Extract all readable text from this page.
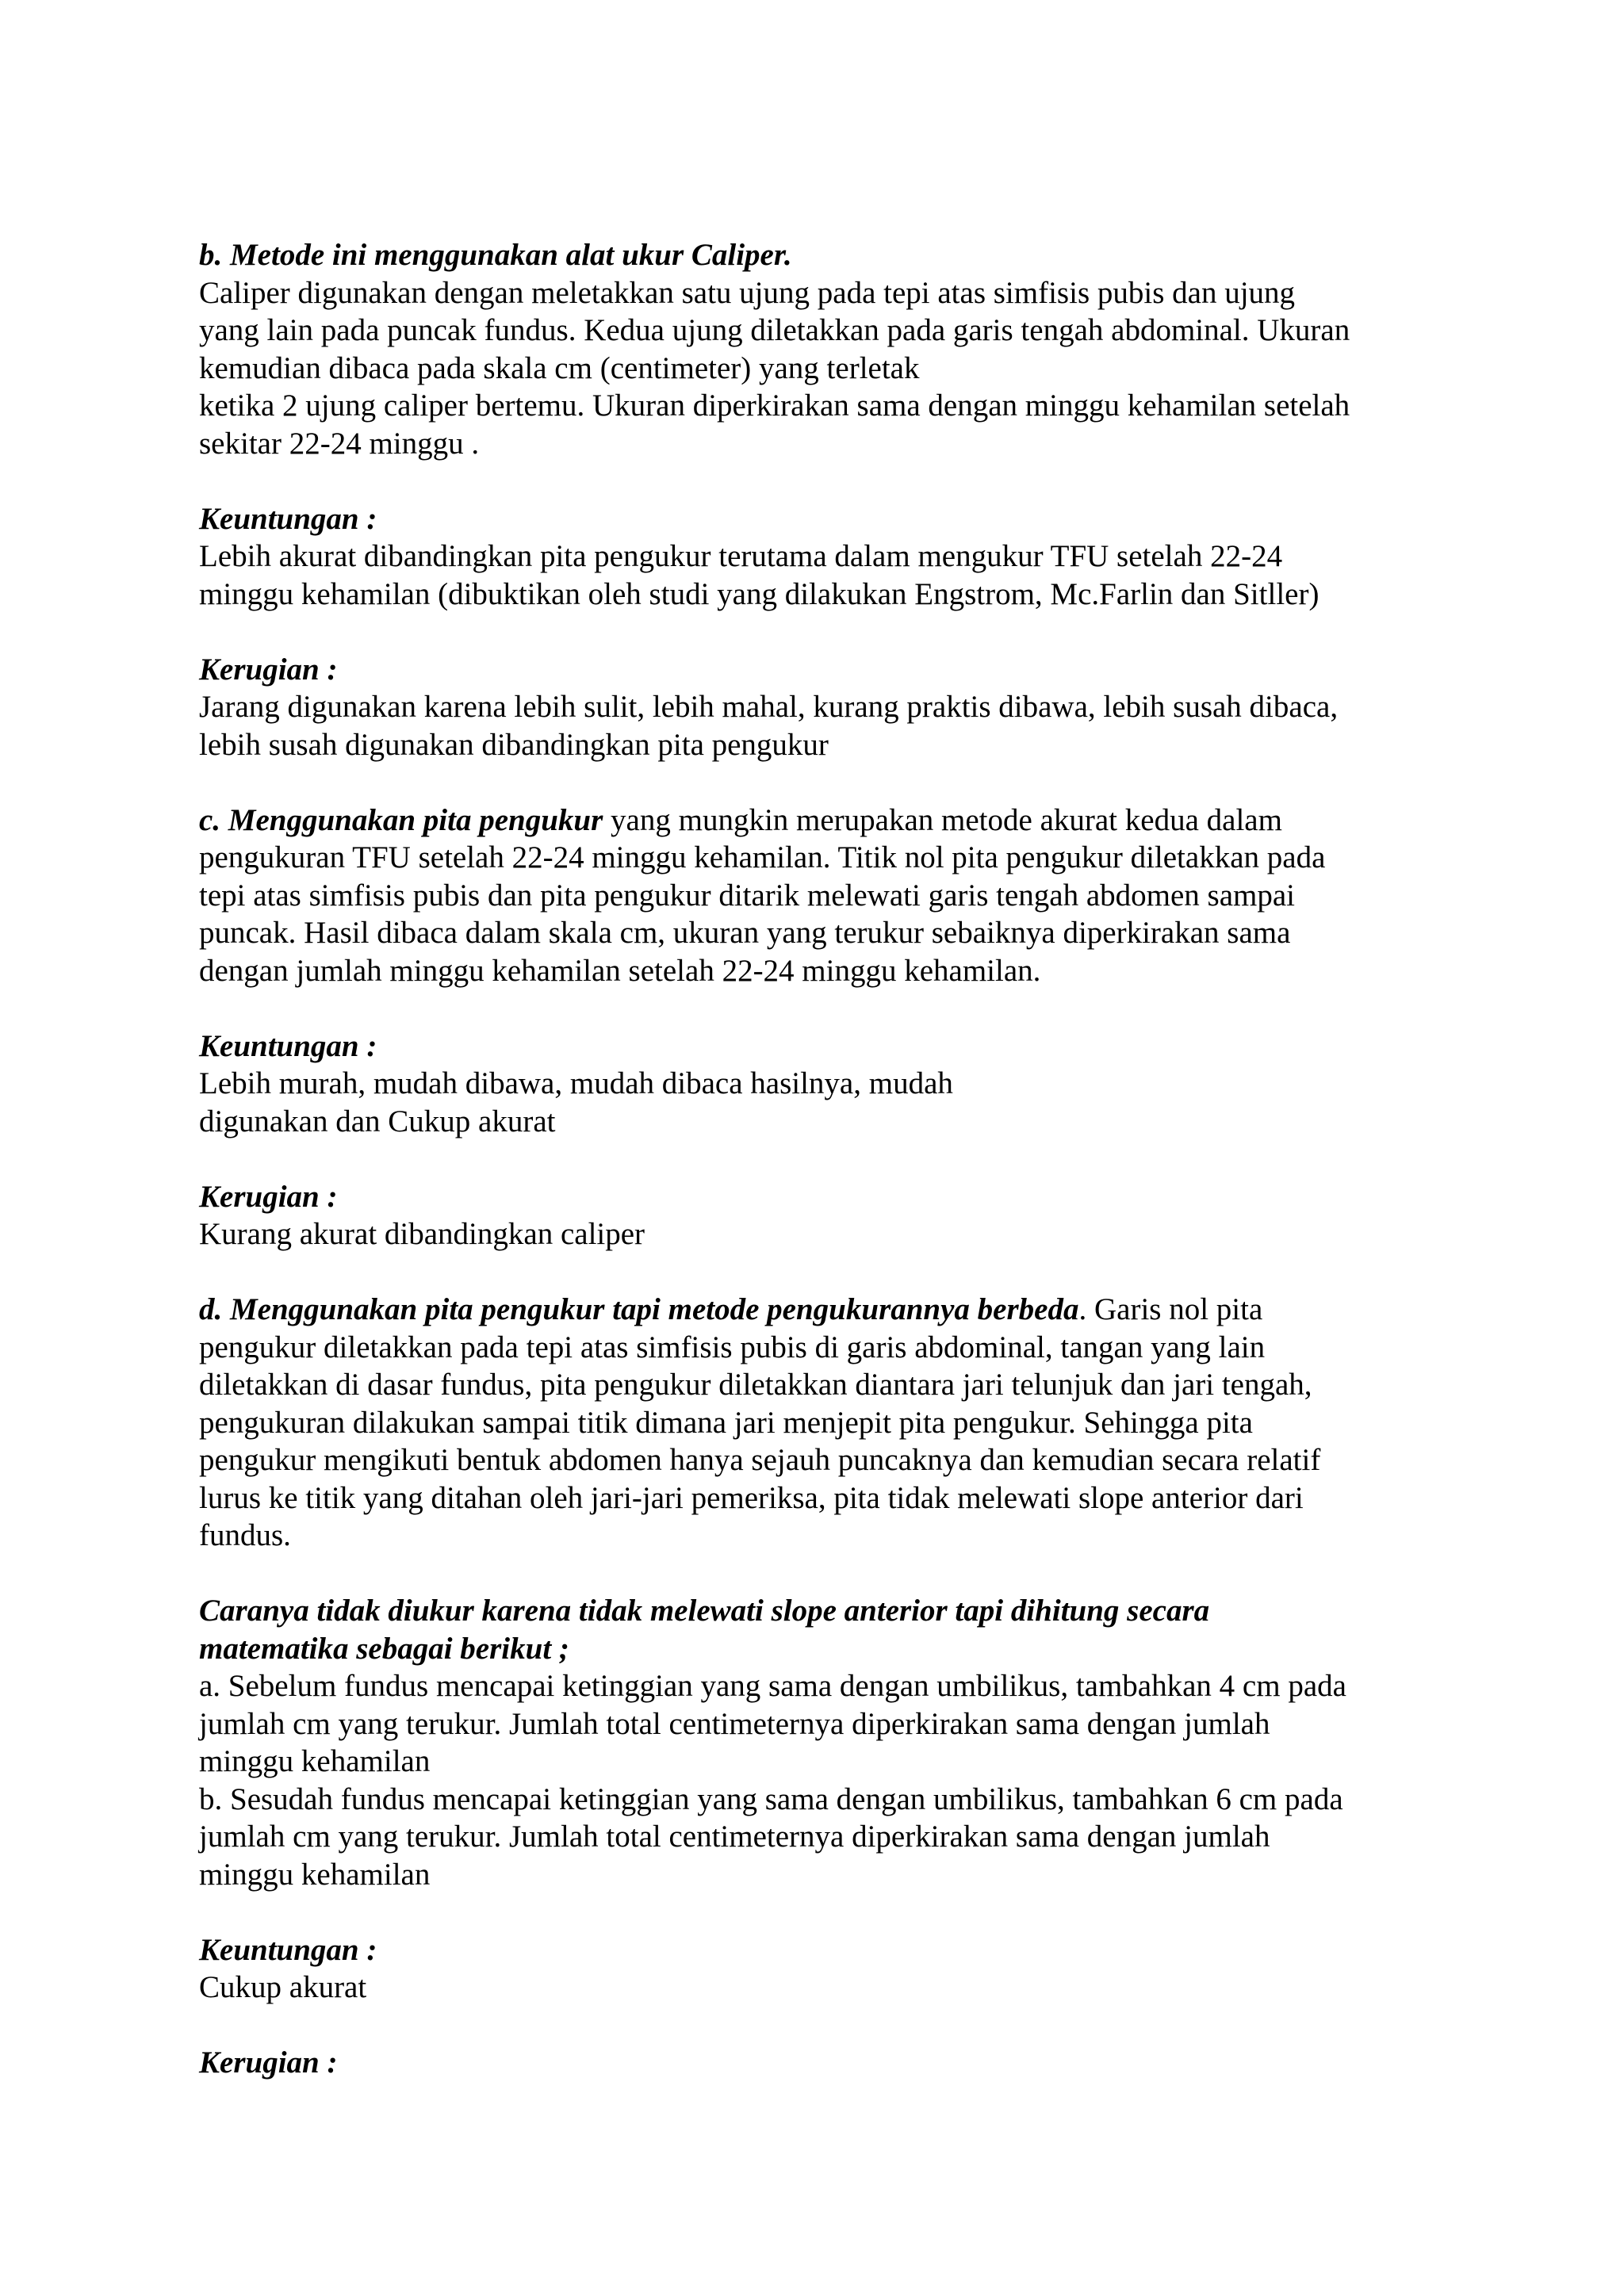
b. Metode ini menggunakan alat ukur Caliper.
Caliper digunakan dengan meletakkan satu ujung pada tepi atas simfisis pubis dan ujung
yang lain pada puncak fundus. Kedua ujung diletakkan pada garis tengah abdominal. Ukuran
kemudian dibaca pada skala cm (centimeter) yang terletak
ketika 2 ujung caliper bertemu. Ukuran diperkirakan sama dengan minggu kehamilan setelah
sekitar 22-24 minggu .
Keuntungan :
Lebih akurat dibandingkan pita pengukur terutama dalam mengukur TFU setelah 22-24
minggu kehamilan (dibuktikan oleh studi yang dilakukan Engstrom, Mc.Farlin dan Sitller)
Kerugian :
Jarang digunakan karena lebih sulit, lebih mahal, kurang praktis dibawa, lebih susah dibaca,
lebih susah digunakan dibandingkan pita pengukur
c. Menggunakan pita pengukur yang mungkin merupakan metode akurat kedua dalam
pengukuran TFU setelah 22-24 minggu kehamilan. Titik nol pita pengukur diletakkan pada
tepi atas simfisis pubis dan pita pengukur ditarik melewati garis tengah abdomen sampai
puncak. Hasil dibaca dalam skala cm, ukuran yang terukur sebaiknya diperkirakan sama
dengan jumlah minggu kehamilan setelah 22-24 minggu kehamilan.
Keuntungan :
Lebih murah, mudah dibawa, mudah dibaca hasilnya, mudah
digunakan dan Cukup akurat
Kerugian :
Kurang akurat dibandingkan caliper
d. Menggunakan pita pengukur tapi metode pengukurannya berbeda. Garis nol pita
pengukur diletakkan pada tepi atas simfisis pubis di garis abdominal, tangan yang lain
diletakkan di dasar fundus, pita pengukur diletakkan diantara jari telunjuk dan jari tengah,
pengukuran dilakukan sampai titik dimana jari menjepit pita pengukur. Sehingga pita
pengukur mengikuti bentuk abdomen hanya sejauh puncaknya dan kemudian secara relatif
lurus ke titik yang ditahan oleh jari-jari pemeriksa, pita tidak melewati slope anterior dari
fundus.
Caranya tidak diukur karena tidak melewati slope anterior tapi dihitung secara
matematika sebagai berikut ;
a. Sebelum fundus mencapai ketinggian yang sama dengan umbilikus, tambahkan 4 cm pada
jumlah cm yang terukur. Jumlah total centimeternya diperkirakan sama dengan jumlah
minggu kehamilan
b. Sesudah fundus mencapai ketinggian yang sama dengan umbilikus, tambahkan 6 cm pada
jumlah cm yang terukur. Jumlah total centimeternya diperkirakan sama dengan jumlah
minggu kehamilan
Keuntungan :
Cukup akurat
Kerugian :
